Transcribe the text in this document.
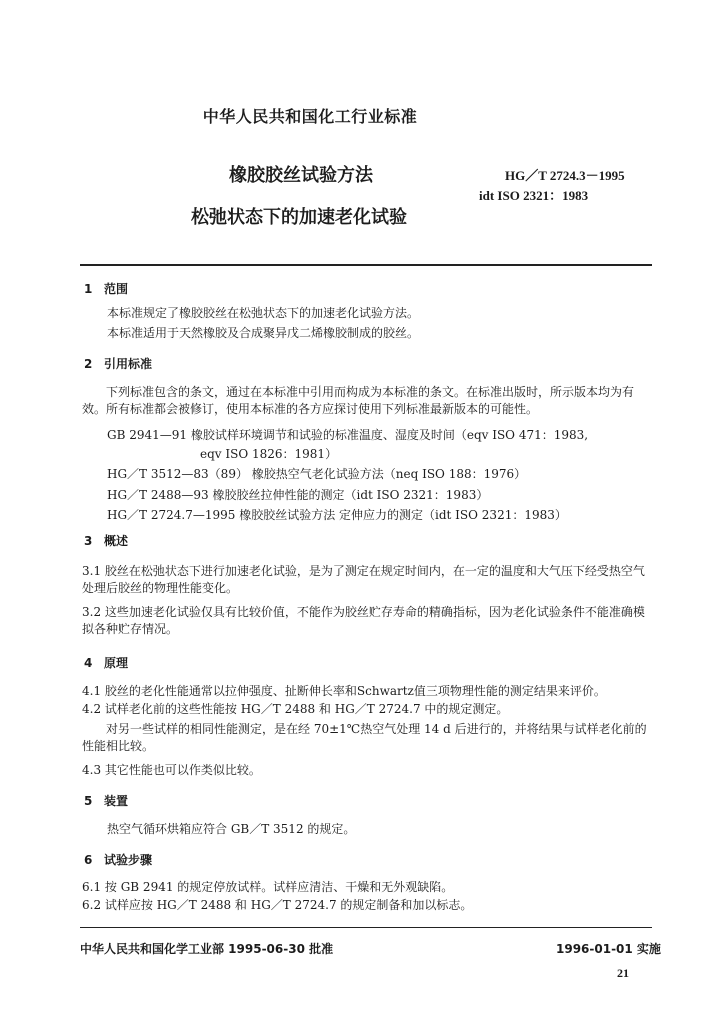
中华人民共和国化工行业标准
橡胶胶丝试验方法
松弛状态下的加速老化试验
HG／T 2724.3－1995
idt ISO 2321：1983
1 范围
本标准规定了橡胶胶丝在松弛状态下的加速老化试验方法。
本标准适用于天然橡胶及合成聚异戊二烯橡胶制成的胶丝。
2 引用标准
下列标准包含的条文，通过在本标准中引用而构成为本标准的条文。在标准出版时，所示版本均为有效。所有标准都会被修订，使用本标准的各方应探讨使用下列标准最新版本的可能性。
GB 2941—91 橡胶试样环境调节和试验的标准温度、湿度及时间（eqv ISO 471：1983,
eqv ISO 1826：1981）
HG／T 3512—83（89） 橡胶热空气老化试验方法（neq ISO 188：1976）
HG／T 2488—93 橡胶胶丝拉伸性能的测定（idt ISO 2321：1983）
HG／T 2724.7—1995 橡胶胶丝试验方法 定伸应力的测定（idt ISO 2321：1983）
3 概述
3.1 胶丝在松弛状态下进行加速老化试验，是为了测定在规定时间内，在一定的温度和大气压下经受热空气处理后胶丝的物理性能变化。
3.2 这些加速老化试验仅具有比较价值，不能作为胶丝贮存寿命的精确指标，因为老化试验条件不能准确模拟各种贮存情况。
4 原理
4.1 胶丝的老化性能通常以拉伸强度、扯断伸长率和Schwartz值三项物理性能的测定结果来评价。
4.2 试样老化前的这些性能按 HG／T 2488 和 HG／T 2724.7 中的规定测定。
对另一些试样的相同性能测定，是在经 70±1℃热空气处理 14 d 后进行的，并将结果与试样老化前的性能相比较。
4.3 其它性能也可以作类似比较。
5 装置
热空气循环烘箱应符合 GB／T 3512 的规定。
6 试验步骤
6.1 按 GB 2941 的规定停放试样。试样应清洁、干燥和无外观缺陷。
6.2 试样应按 HG／T 2488 和 HG／T 2724.7 的规定制备和加以标志。
中华人民共和国化学工业部 1995-06-30 批准	1996-01-01 实施
21
